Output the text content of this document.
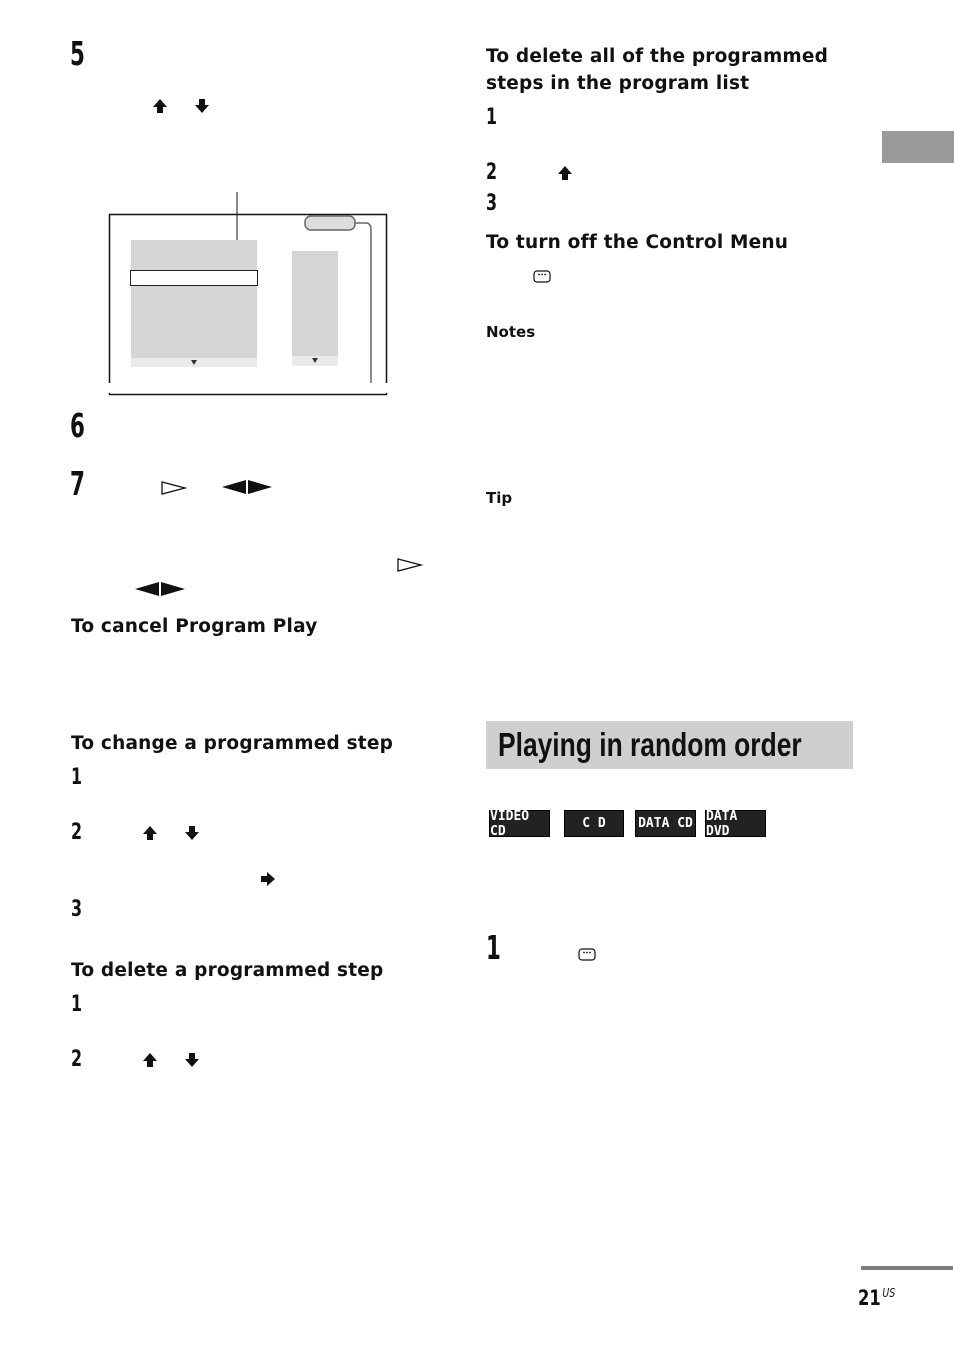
5
6
7
To cancel Program Play
To change a programmed step
1
2
3
To delete a programmed step
1
2
To delete all of the programmed
steps in the program list
1
2
3
To turn off the Control Menu
Notes
Tip
Playing in random order
VIDEO CD	C D	DATA CD DATA DVD
1
21 $^{US}$
